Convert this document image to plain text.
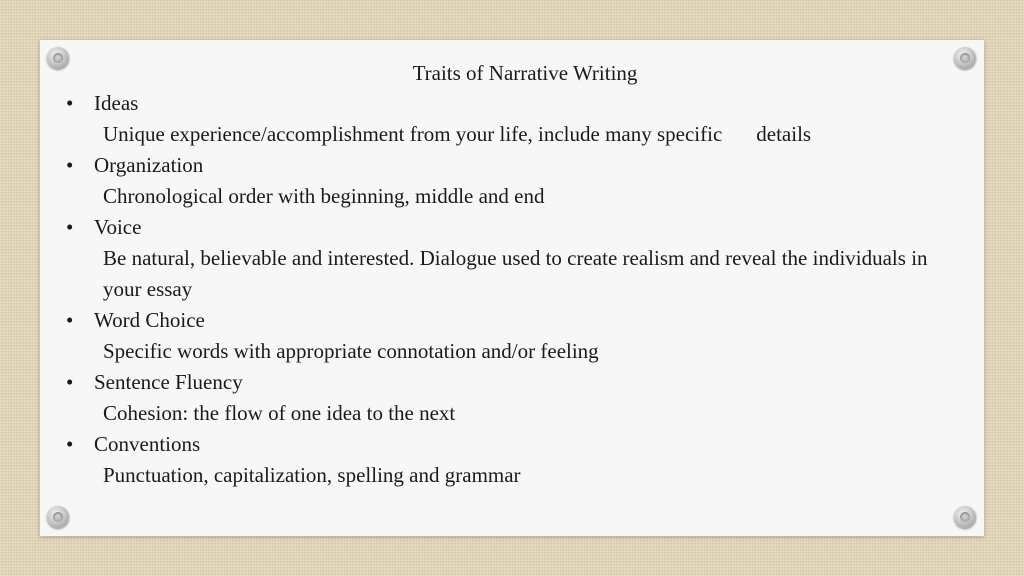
Traits of Narrative Writing
• Ideas
Unique experience/accomplishment from your life, include many specific details
• Organization
Chronological order with beginning, middle and end
• Voice
Be natural, believable and interested. Dialogue used to create realism and reveal the individuals in your essay
• Word Choice
Specific words with appropriate connotation and/or feeling
• Sentence Fluency
Cohesion: the flow of one idea to the next
• Conventions
Punctuation, capitalization, spelling and grammar
